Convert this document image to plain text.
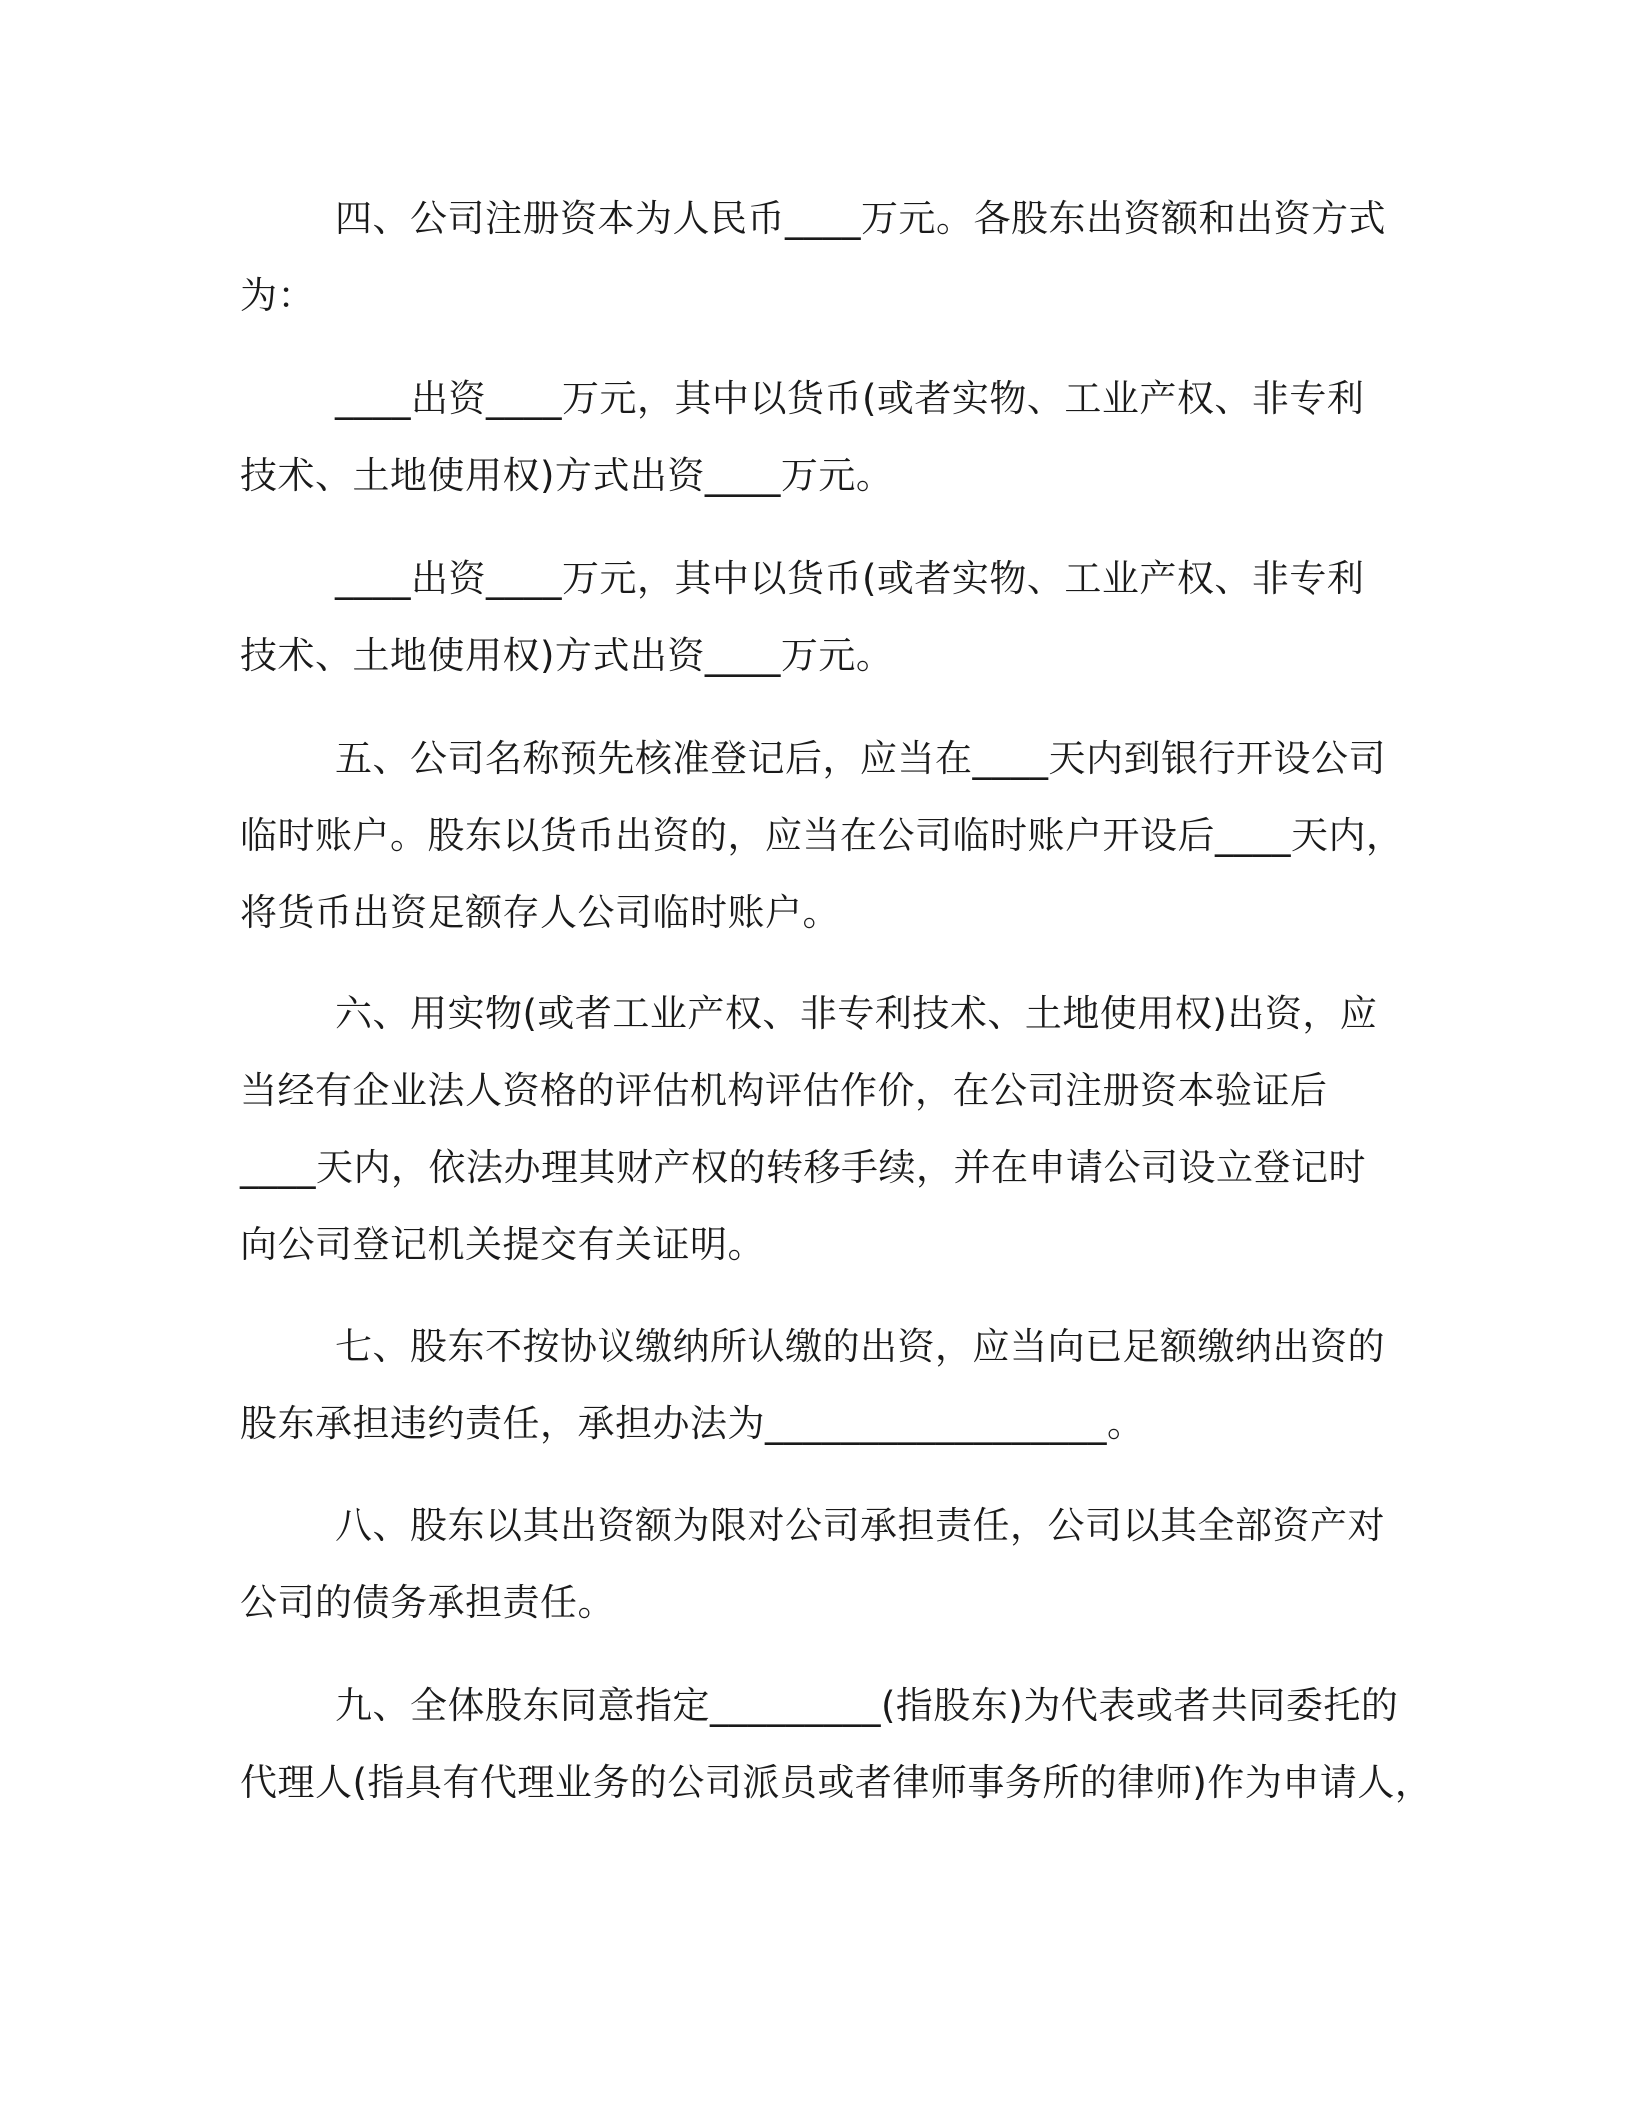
四、公司注册资本为人民币____万元。各股东出资额和出资方式
为：

____出资____万元，其中以货币(或者实物、工业产权、非专利
技术、土地使用权)方式出资____万元。

____出资____万元，其中以货币(或者实物、工业产权、非专利
技术、土地使用权)方式出资____万元。

五、公司名称预先核准登记后，应当在____天内到银行开设公司
临时账户。股东以货币出资的，应当在公司临时账户开设后____天内，
将货币出资足额存人公司临时账户。

六、用实物(或者工业产权、非专利技术、土地使用权)出资，应
当经有企业法人资格的评估机构评估作价，在公司注册资本验证后
____天内，依法办理其财产权的转移手续，并在申请公司设立登记时
向公司登记机关提交有关证明。

七、股东不按协议缴纳所认缴的出资，应当向已足额缴纳出资的
股东承担违约责任，承担办法为__________________。

八、股东以其出资额为限对公司承担责任，公司以其全部资产对
公司的债务承担责任。

九、全体股东同意指定_________(指股东)为代表或者共同委托的
代理人(指具有代理业务的公司派员或者律师事务所的律师)作为申请人，
